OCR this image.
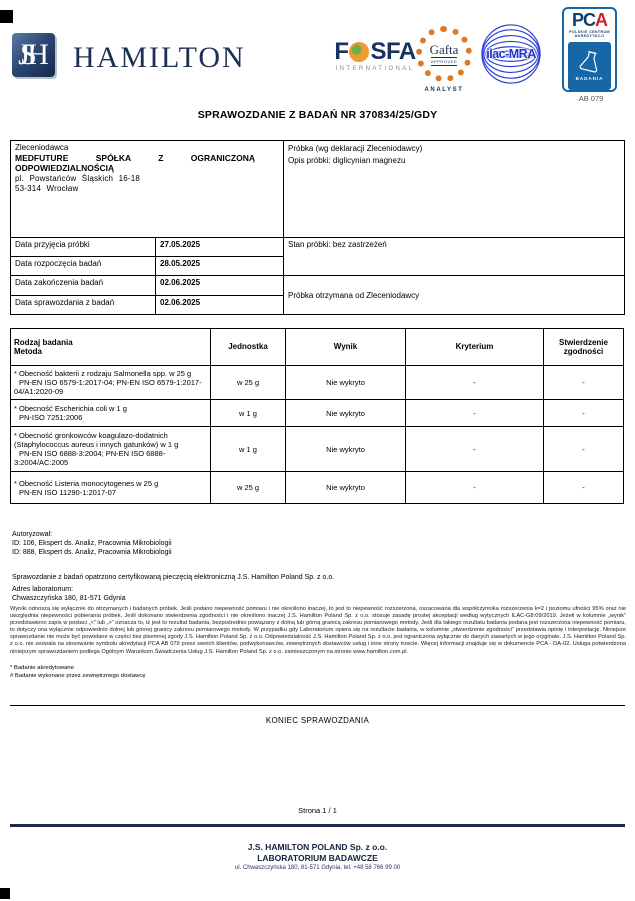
JSH	HAMILTON	F SFA
INTERNATIONAL
Gafta
APPROVED
ANALYST
ilac-MRA
PCA
POLSKIE CENTRUM
AKREDYTACJI
BADANIA
AB 079
SPRAWOZDANIE Z BADAŃ NR 370834/25/GDY
Zleceniodawca
MEDFUTURE SPÓŁKA Z OGRANICZONĄ ODPOWIEDZIALNOŚCIĄ
pl. Powstańców Śląskich 16-18
53-314 Wrocław

Próbka (wg deklaracji Zleceniodawcy)
Opis próbki: diglicynian magnezu

Data przyjęcia próbki	27.05.2025	Stan próbki: bez zastrzeżeń
Data rozpoczęcia badań	28.05.2025	
Data zakończenia badań	02.06.2025	Próbka otrzymana od Zleceniodawcy
Data sprawozdania z badań	02.06.2025	
Rodzaj badania
Metoda
	Jednostka	Wynik	Kryterium	
Stwierdzenie
zgodności

* Obecność bakterii z rodzaju Salmonella spp. w 25 g
PN-EN ISO 6579-1:2017-04; PN-EN ISO 6579-1:2017-04/A1:2020-09	w 25 g	Nie wykryto	-	-

* Obecność Escherichia coli w 1 g
PN-ISO 7251:2006	w 1 g	Nie wykryto	-	-

* Obecność gronkowców koagulazo-dodatnich (Staphylococcus aureus i innych gatunków) w 1 g
PN-EN ISO 6888-3:2004; PN-EN ISO 6888-3:2004/AC:2005	w 1 g	Nie wykryto	-	-

* Obecność Listeria monocytogenes w 25 g
PN-EN ISO 11290-1:2017-07	w 25 g	Nie wykryto	-	-
Autoryzował:
ID: 106, Ekspert ds. Analiz, Pracownia Mikrobiologii
ID: 888, Ekspert ds. Analiz, Pracownia Mikrobiologii
Sprawozdanie z badań opatrzono certyfikowaną pieczęcią elektroniczną J.S. Hamilton Poland Sp. z o.o.
Adres laboratorium:
Chwaszczyńska 180, 81-571 Gdynia
Wyniki odnoszą się wyłącznie do otrzymanych i badanych próbek. Jeśli podano niepewność pomiaru i nie określono inaczej, to jest to niepewność rozszerzona, oszacowana dla współczynnika rozszerzenia k=2 i poziomu ufności 95% oraz nie uwzględnia niepewności pobierania próbek. Jeśli dokonano stwierdzenia zgodności i nie określono inaczej J.S. Hamilton Poland Sp. z o.o. stosuje zasadę prostej akceptacji według wytycznych ILAC-G8:09/2019. Jeżeli w kolumnie „wynik” przedstawiono zapis w postaci „<” lub „>” oznacza to, iż jest to rezultat badania, bezpośrednio powiązany z dolną lub górną granicą zakresu pomiarowego metody. Jeśli dla takiego rezultatu badania podana jest rozszerzona niepewność pomiaru, to dotyczy ona wyłącznie odpowiednio dolnej lub górnej granicy zakresu pomiarowego metody. W przypadku gdy Laboratorium opiera się na rezultacie badania, w kolumnie „stwierdzenie zgodności” przedstawia opinię i interpretację. Niniejsze sprawozdanie nie może być powielane w części bez pisemnej zgody J.S. Hamilton Poland Sp. z o.o. Odpowiedzialność J.S. Hamilton Poland Sp. z o.o. jest ograniczona wyłącznie do danych zawartych w jego oryginale. J.S. Hamilton Poland Sp. z o.o. nie zezwala na stosowanie symbolu akredytacji PCA AB 079 przez swoich klientów, podwykonawców, zewnętrznych dostawców usług i inne strony trzecie. Więcej informacji znajduje się w dokumencie PCA - DA-02. Usługa potwierdzona niniejszym sprawozdaniem podlega Ogólnym Warunkom Świadczenia Usług J.S. Hamilton Poland Sp. z o.o. zamieszczonym na stronie www.hamilton.com.pl.
* Badanie akredytowane
# Badanie wykonane przez zewnętrznego dostawcę
KONIEC SPRAWOZDANIA
Strona 1 / 1
J.S. HAMILTON POLAND Sp. z o.o.
LABORATORIUM BADAWCZE
ul. Chwaszczyńska 180, 81-571 Gdynia, tel. +48 58 766 99 00
